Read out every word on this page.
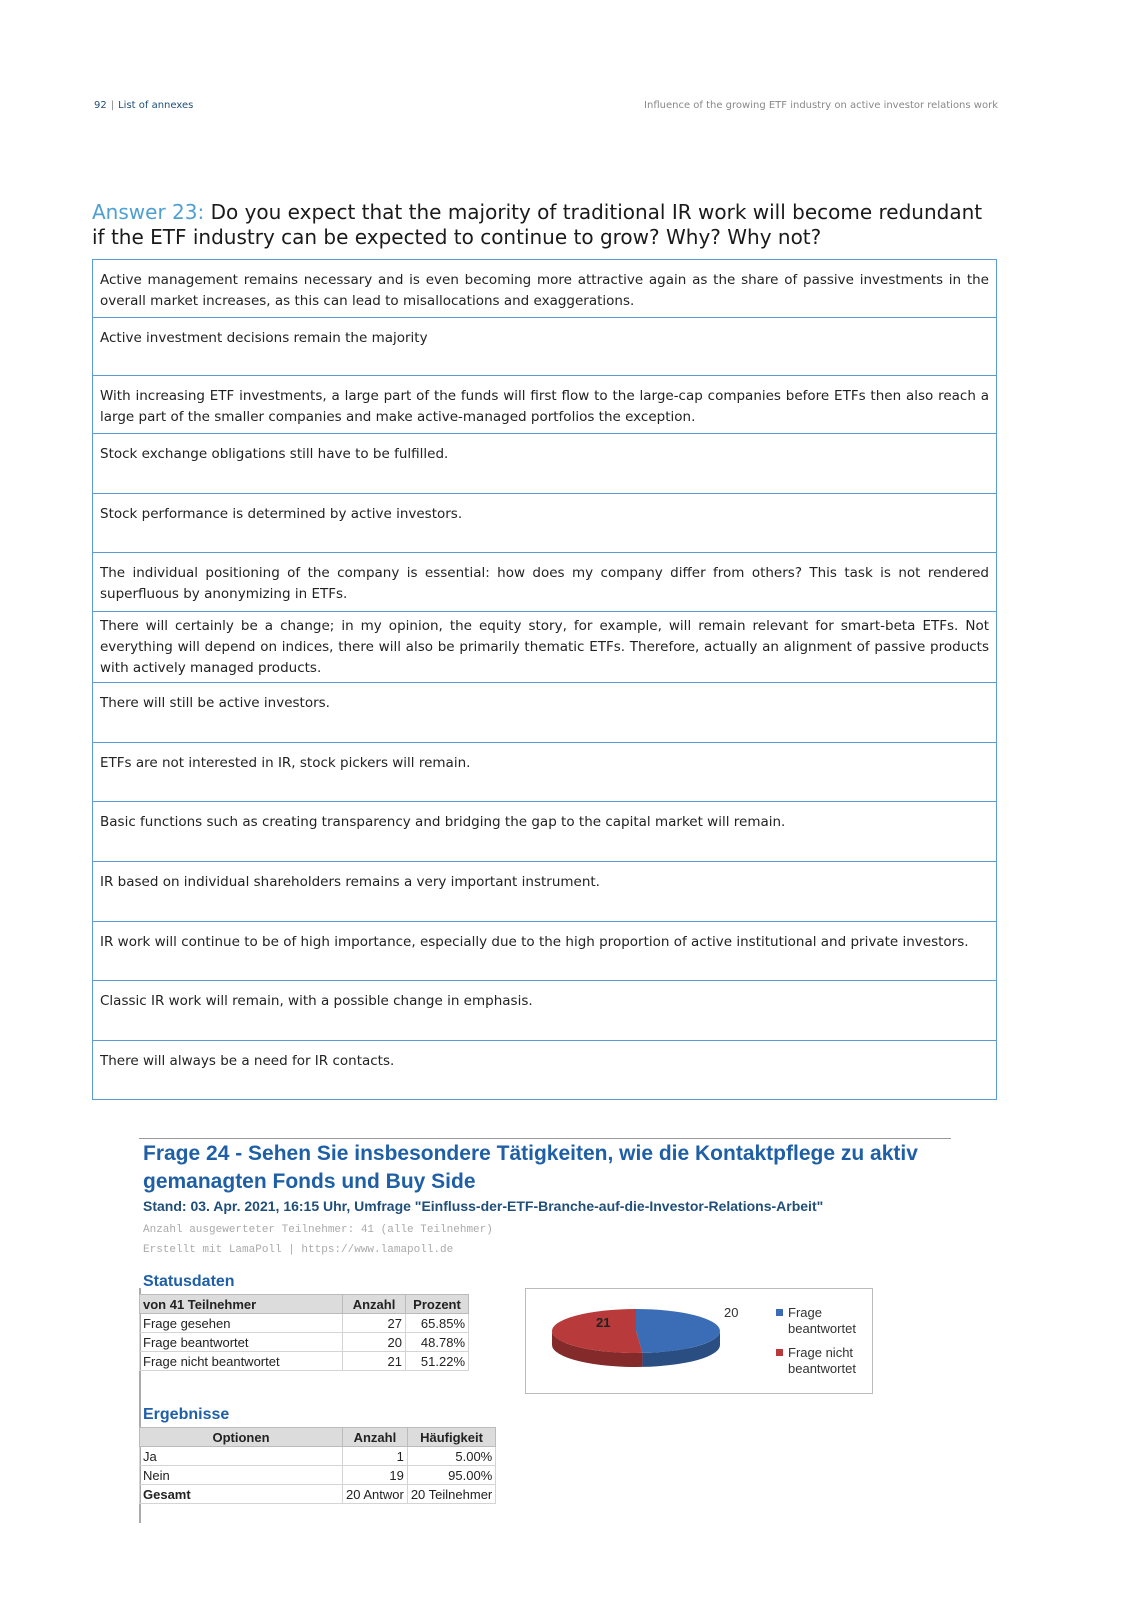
92 | List of annexes	Influence of the growing ETF industry on active investor relations work
Answer 23: Do you expect that the majority of traditional IR work will become redundant if the ETF industry can be expected to continue to grow? Why? Why not?
Active management remains necessary and is even becoming more attractive again as the share of passive investments in the overall market increases, as this can lead to misallocations and exaggerations.
Active investment decisions remain the majority
With increasing ETF investments, a large part of the funds will first flow to the large-cap companies before ETFs then also reach a large part of the smaller companies and make active-managed portfolios the exception.
Stock exchange obligations still have to be fulfilled.
Stock performance is determined by active investors.
The individual positioning of the company is essential: how does my company differ from others? This task is not rendered superfluous by anonymizing in ETFs.
There will certainly be a change; in my opinion, the equity story, for example, will remain relevant for smart-beta ETFs. Not everything will depend on indices, there will also be primarily thematic ETFs. Therefore, actually an alignment of passive products with actively managed products.
There will still be active investors.
ETFs are not interested in IR, stock pickers will remain.
Basic functions such as creating transparency and bridging the gap to the capital market will remain.
IR based on individual shareholders remains a very important instrument.
IR work will continue to be of high importance, especially due to the high proportion of active institutional and private investors.
Classic IR work will remain, with a possible change in emphasis.
There will always be a need for IR contacts.
Frage 24 - Sehen Sie insbesondere Tätigkeiten, wie die Kontaktpflege zu aktiv gemanagten Fonds und Buy Side
Stand: 03. Apr. 2021, 16:15 Uhr, Umfrage "Einfluss-der-ETF-Branche-auf-die-Investor-Relations-Arbeit"
Anzahl ausgewerteter Teilnehmer: 41 (alle Teilnehmer)
Erstellt mit LamaPoll | https://www.lamapoll.de
Statusdaten
von 41 Teilnehmer	Anzahl	Prozent
Frage gesehen	27	65.85%
Frage beantwortet	20	48.78%
Frage nicht beantwortet	21	51.22%
20
21
Frage beantwortet
Frage nicht beantwortet
Ergebnisse
Optionen	Anzahl	Häufigkeit
Ja	1	5.00%
Nein	19	95.00%
Gesamt	20 Antwor	20 Teilnehmer
